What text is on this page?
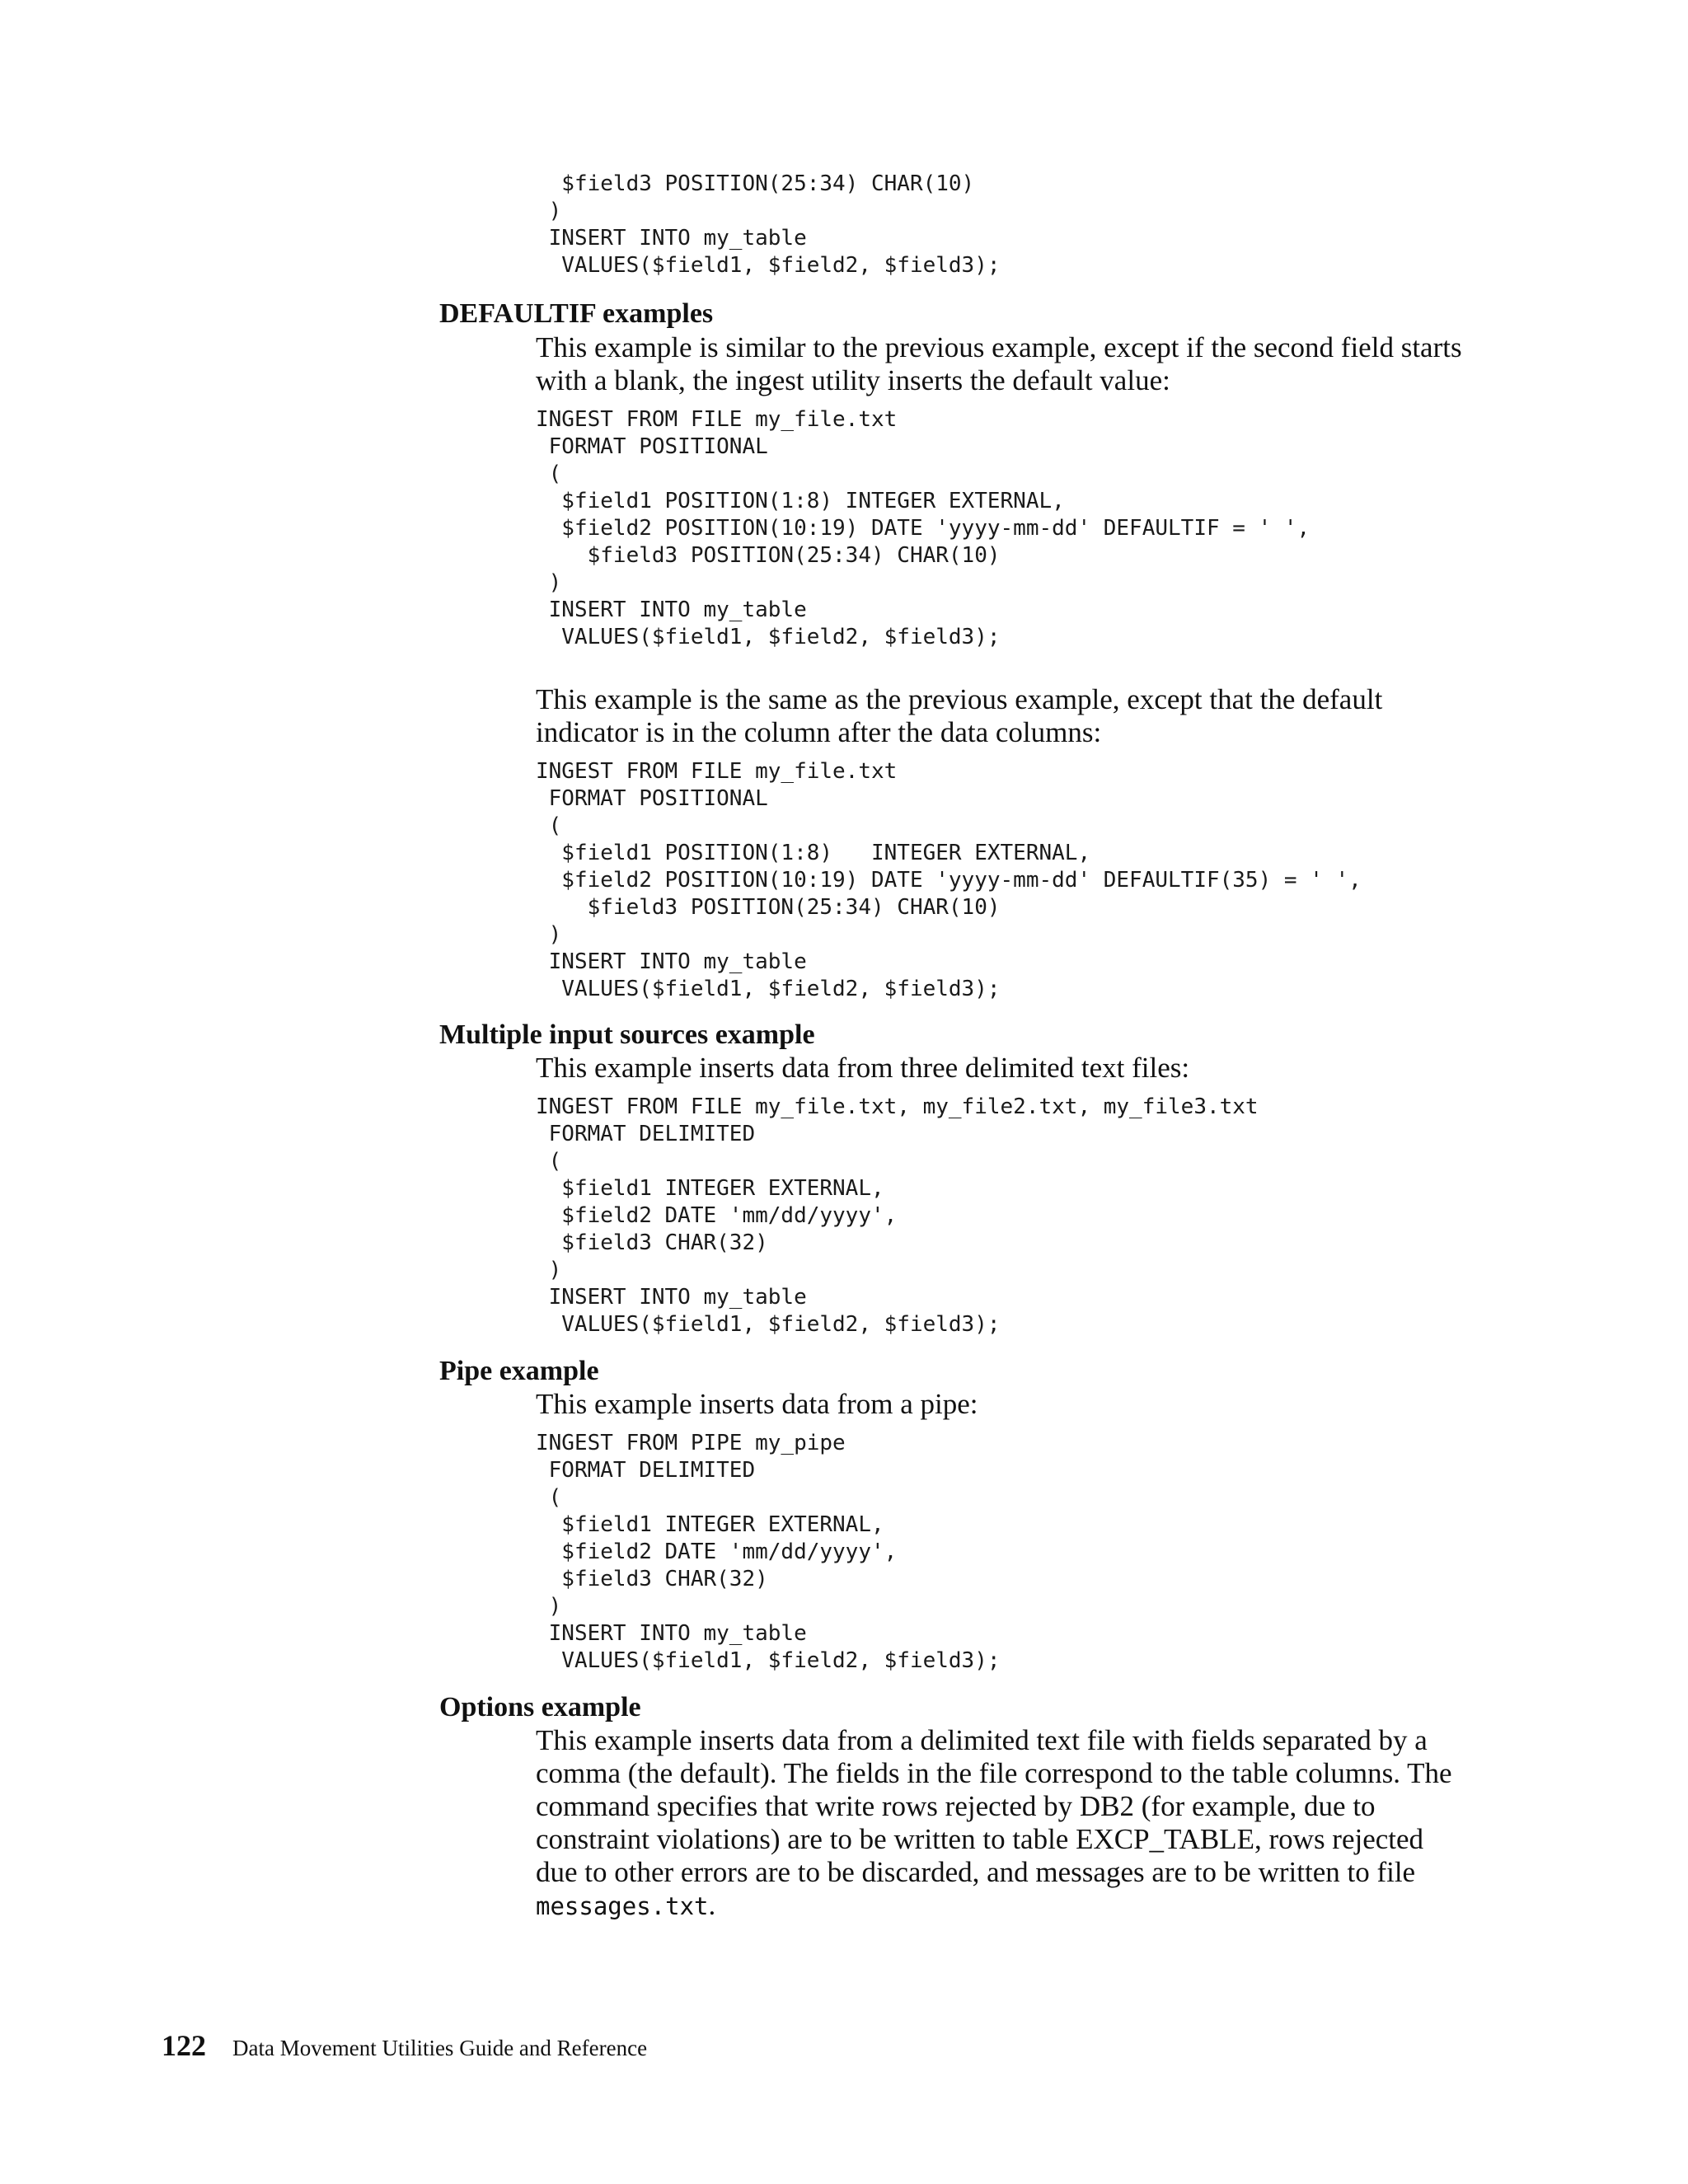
$field3 POSITION(25:34) CHAR(10)
)
INSERT INTO my_table
VALUES($field1, $field2, $field3);
DEFAULTIF examples

This example is similar to the previous example, except if the second field starts with a blank, the ingest utility inserts the default value:

INGEST FROM FILE my_file.txt
FORMAT POSITIONAL
(
$field1 POSITION(1:8) INTEGER EXTERNAL,
$field2 POSITION(10:19) DATE 'yyyy-mm-dd' DEFAULTIF = ' ',
$field3 POSITION(25:34) CHAR(10)
)
INSERT INTO my_table
VALUES($field1, $field2, $field3);

This example is the same as the previous example, except that the default indicator is in the column after the data columns:

INGEST FROM FILE my_file.txt
FORMAT POSITIONAL
(
$field1 POSITION(1:8)   INTEGER EXTERNAL,
$field2 POSITION(10:19) DATE 'yyyy-mm-dd' DEFAULTIF(35) = ' ',
$field3 POSITION(25:34) CHAR(10)
)
INSERT INTO my_table
VALUES($field1, $field2, $field3);
Multiple input sources example

This example inserts data from three delimited text files:

INGEST FROM FILE my_file.txt, my_file2.txt, my_file3.txt
FORMAT DELIMITED
(
$field1 INTEGER EXTERNAL,
$field2 DATE 'mm/dd/yyyy',
$field3 CHAR(32)
)
INSERT INTO my_table
VALUES($field1, $field2, $field3);
Pipe example

This example inserts data from a pipe:

INGEST FROM PIPE my_pipe
FORMAT DELIMITED
(
$field1 INTEGER EXTERNAL,
$field2 DATE 'mm/dd/yyyy',
$field3 CHAR(32)
)
INSERT INTO my_table
VALUES($field1, $field2, $field3);
Options example

This example inserts data from a delimited text file with fields separated by a comma (the default). The fields in the file correspond to the table columns. The command specifies that write rows rejected by DB2 (for example, due to constraint violations) are to be written to table EXCP_TABLE, rows rejected due to other errors are to be discarded, and messages are to be written to file messages.txt.

122 Data Movement Utilities Guide and Reference
